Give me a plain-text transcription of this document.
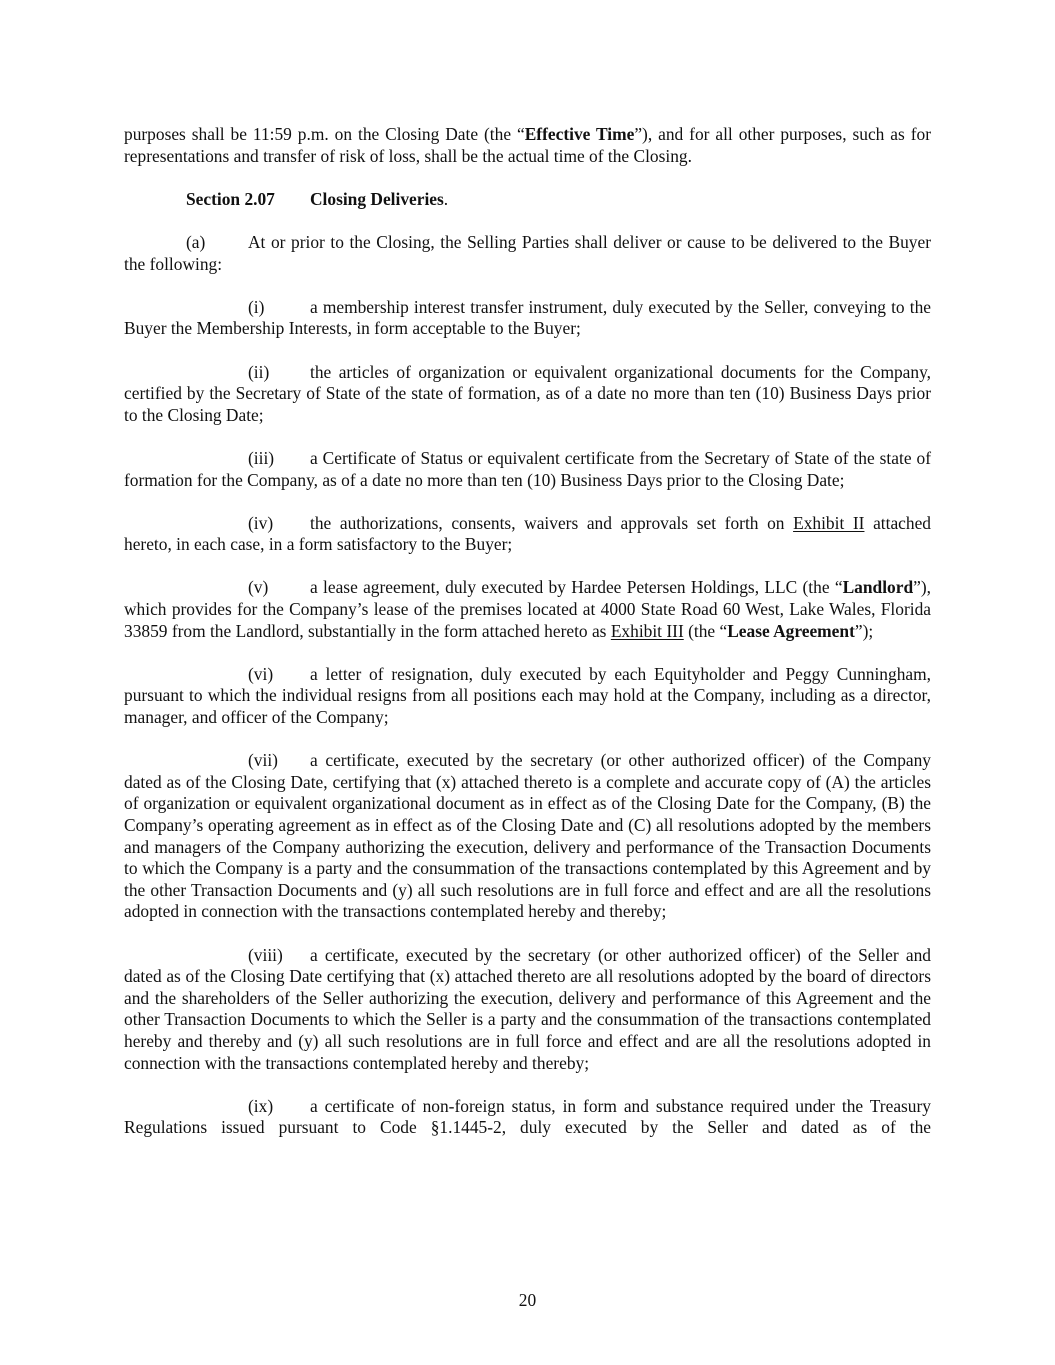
purposes shall be 11:59 p.m. on the Closing Date (the “Effective Time”), and for all other purposes, such as for representations and transfer of risk of loss, shall be the actual time of the Closing.

Section 2.07 Closing Deliveries.

(a) At or prior to the Closing, the Selling Parties shall deliver or cause to be delivered to the Buyer the following:

(i)	a membership interest transfer instrument, duly executed by the Seller, conveying to the Buyer the Membership Interests, in form acceptable to the Buyer;

(ii) the articles of organization or equivalent organizational documents for the Company, certified by the Secretary of State of the state of formation, as of a date no more than ten (10) Business Days prior to the Closing Date;

(iii) a Certificate of Status or equivalent certificate from the Secretary of State of the state of formation for the Company, as of a date no more than ten (10) Business Days prior to the Closing Date;

(iv) the authorizations, consents, waivers and approvals set forth on Exhibit II attached hereto, in each case, in a form satisfactory to the Buyer;

(v) a lease agreement, duly executed by Hardee Petersen Holdings, LLC (the “Landlord”), which provides for the Company’s lease of the premises located at 4000 State Road 60 West, Lake Wales, Florida 33859 from the Landlord, substantially in the form attached hereto as Exhibit III (the “Lease Agreement”);

(vi) a letter of resignation, duly executed by each Equityholder and Peggy Cunningham, pursuant to which the individual resigns from all positions each may hold at the Company, including as a director, manager, and officer of the Company;

(vii) a certificate, executed by the secretary (or other authorized officer) of the Company dated as of the Closing Date, certifying that (x) attached thereto is a complete and accurate copy of (A) the articles of organization or equivalent organizational document as in effect as of the Closing Date for the Company, (B) the Company’s operating agreement as in effect as of the Closing Date and (C) all resolutions adopted by the members and managers of the Company authorizing the execution, delivery and performance of the Transaction Documents to which the Company is a party and the consummation of the transactions contemplated by this Agreement and by the other Transaction Documents and (y) all such resolutions are in full force and effect and are all the resolutions adopted in connection with the transactions contemplated hereby and thereby;

(viii) a certificate, executed by the secretary (or other authorized officer) of the Seller and dated as of the Closing Date certifying that (x) attached thereto are all resolutions adopted by the board of directors and the shareholders of the Seller authorizing the execution, delivery and performance of this Agreement and the other Transaction Documents to which the Seller is a party and the consummation of the transactions contemplated hereby and thereby and (y) all such resolutions are in full force and effect and are all the resolutions adopted in connection with the transactions contemplated hereby and thereby;

(ix) a certificate of non-foreign status, in form and substance required under the Treasury Regulations issued pursuant to Code §1.1445-2, duly executed by the Seller and dated as of the

20
